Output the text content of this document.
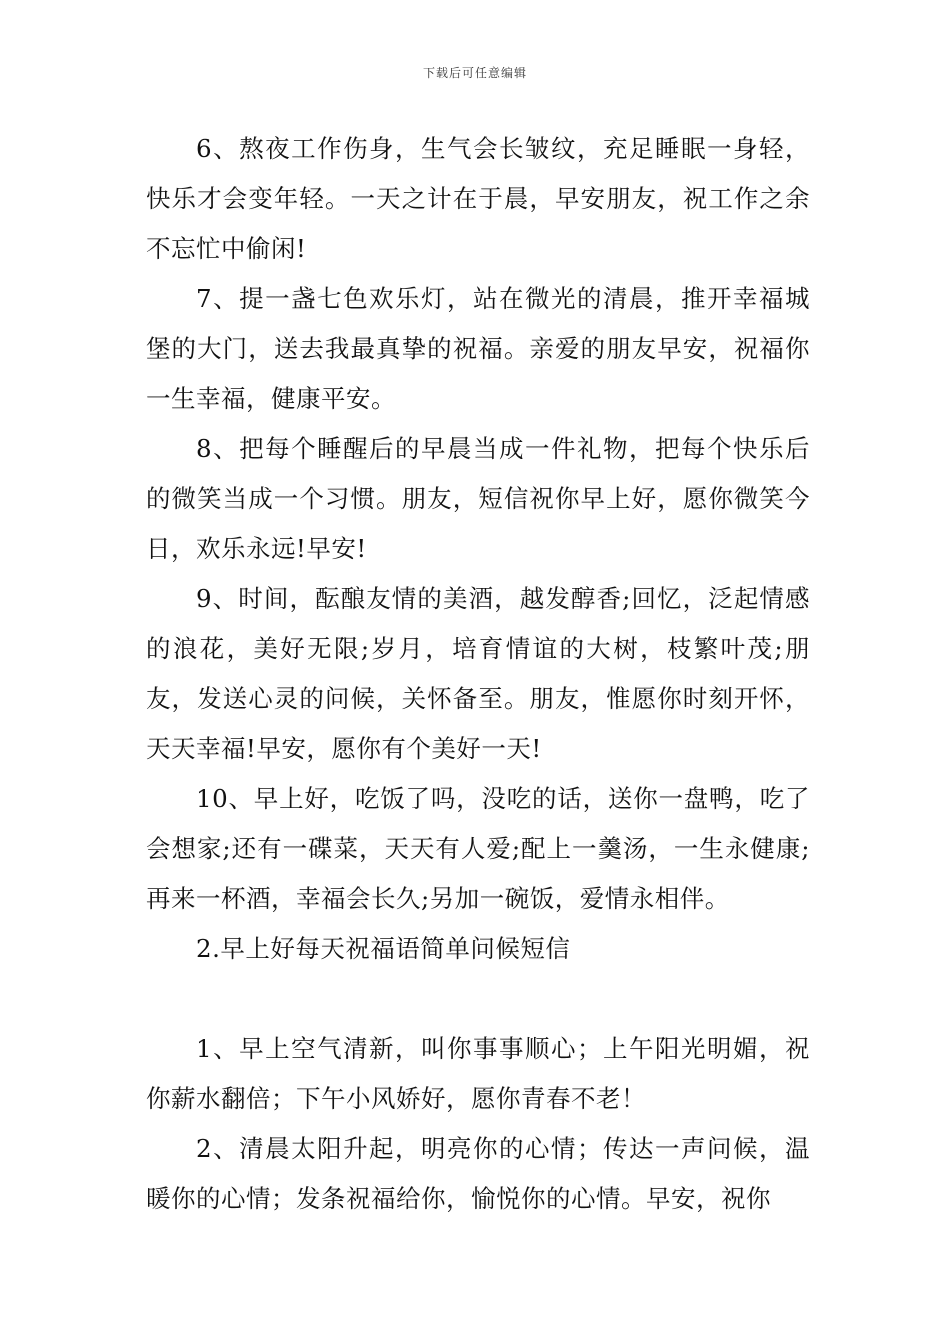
下载后可任意编辑

6、熬夜工作伤身，生气会长皱纹，充足睡眠一身轻，快乐才会变年轻。一天之计在于晨，早安朋友，祝工作之余不忘忙中偷闲!

7、提一盏七色欢乐灯，站在微光的清晨，推开幸福城堡的大门，送去我最真挚的祝福。亲爱的朋友早安，祝福你一生幸福，健康平安。

8、把每个睡醒后的早晨当成一件礼物，把每个快乐后的微笑当成一个习惯。朋友，短信祝你早上好，愿你微笑今日，欢乐永远!早安!

9、时间，酝酿友情的美酒，越发醇香;回忆，泛起情感的浪花，美好无限;岁月，培育情谊的大树，枝繁叶茂;朋友，发送心灵的问候，关怀备至。朋友，惟愿你时刻开怀，天天幸福!早安，愿你有个美好一天!

10、早上好，吃饭了吗，没吃的话，送你一盘鸭，吃了会想家;还有一碟菜，天天有人爱;配上一羹汤，一生永健康;再来一杯酒，幸福会长久;另加一碗饭，爱情永相伴。

2.早上好每天祝福语简单问候短信

1、早上空气清新，叫你事事顺心；上午阳光明媚，祝你薪水翻倍；下午小风娇好，愿你青春不老！

2、清晨太阳升起，明亮你的心情；传达一声问候，温暖你的心情；发条祝福给你，愉悦你的心情。早安，祝你
